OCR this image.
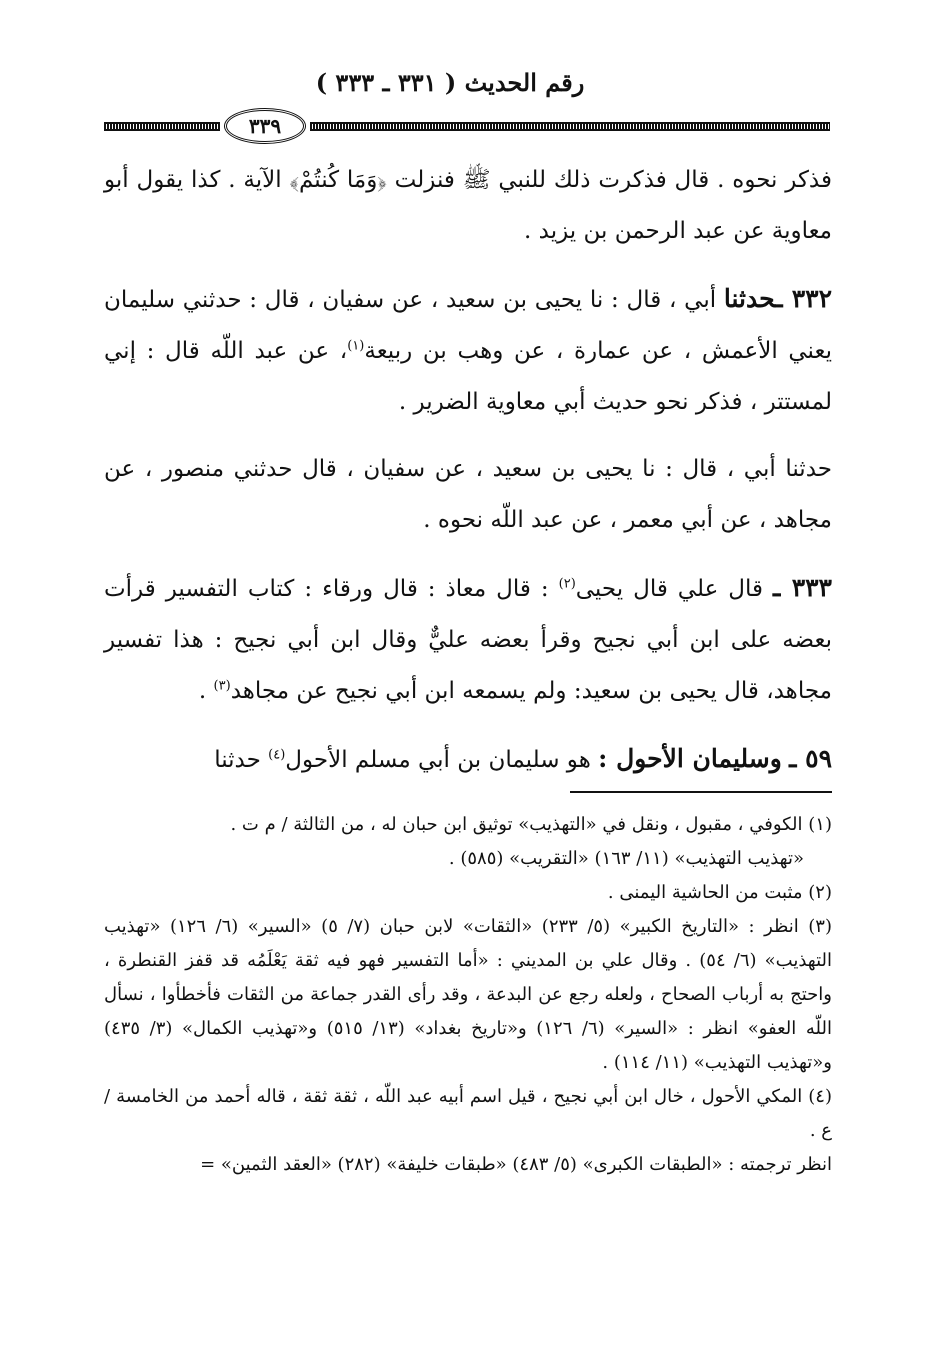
رقم الحديث ( ٣٣١ ـ ٣٣٣ )
٣٣٩

فذكر نحوه . قال فذكرت ذلك للنبي ﷺ فنزلت ﴿وَمَا كُنتُمْ﴾ الآية . كذا يقول أبو معاوية عن عبد الرحمن بن يزيد .

٣٣٢ ـحدثنا أبي ، قال : نا يحيى بن سعيد ، عن سفيان ، قال : حدثني سليمان يعني الأعمش ، عن عمارة ، عن وهب بن ربيعة$^{(١)}$، عن عبد اللّه قال : إني لمستتر ، فذكر نحو حديث أبي معاوية الضرير .

حدثنا أبي ، قال : نا يحيى بن سعيد ، عن سفيان ، قال حدثني منصور ، عن مجاهد ، عن أبي معمر ، عن عبد اللّه نحوه .

٣٣٣ ـ قال علي قال يحيى$^{(٢)}$ : قال معاذ : قال ورقاء : كتاب التفسير قرأت بعضه على ابن أبي نجيح وقرأ بعضه عليٌّ وقال ابن أبي نجيح : هذا تفسير مجاهد، قال يحيى بن سعيد: ولم يسمعه ابن أبي نجيح عن مجاهد$^{(٣)}$ .

٥٩ ـ وسليمان الأحول : هو سليمان بن أبي مسلم الأحول$^{(٤)}$ حدثنا

(١) الكوفي ، مقبول ، ونقل في «التهذيب» توثيق ابن حبان له ، من الثالثة / م ت .
«تهذيب التهذيب» (١١/ ١٦٣) «التقريب» (٥٨٥) .

(٢) مثبت من الحاشية اليمنى .

(٣) انظر : «التاريخ الكبير» (٥/ ٢٣٣) «الثقات» لابن حبان (٧/ ٥) «السير» (٦/ ١٢٦) «تهذيب التهذيب» (٦/ ٥٤) . وقال علي بن المديني : «أما التفسير فهو فيه ثقة يَعْلَمُه قد قفز القنطرة ، واحتج به أرباب الصحاح ، ولعله رجع عن البدعة ، وقد رأى القدر جماعة من الثقات فأخطأوا ، نسأل اللّه العفو» انظر : «السير» (٦/ ١٢٦) و«تاريخ بغداد» (١٣/ ٥١٥) و«تهذيب الكمال» (٣/ ٤٣٥) و«تهذيب التهذيب» (١١/ ١١٤) .

(٤) المكي الأحول ، خال ابن أبي نجيح ، قيل اسم أبيه عبد اللّه ، ثقة ثقة ، قاله أحمد من الخامسة / ع .

انظر ترجمته : «الطبقات الكبرى» (٥/ ٤٨٣) «طبقات خليفة» (٢٨٢) «العقد الثمين» =
